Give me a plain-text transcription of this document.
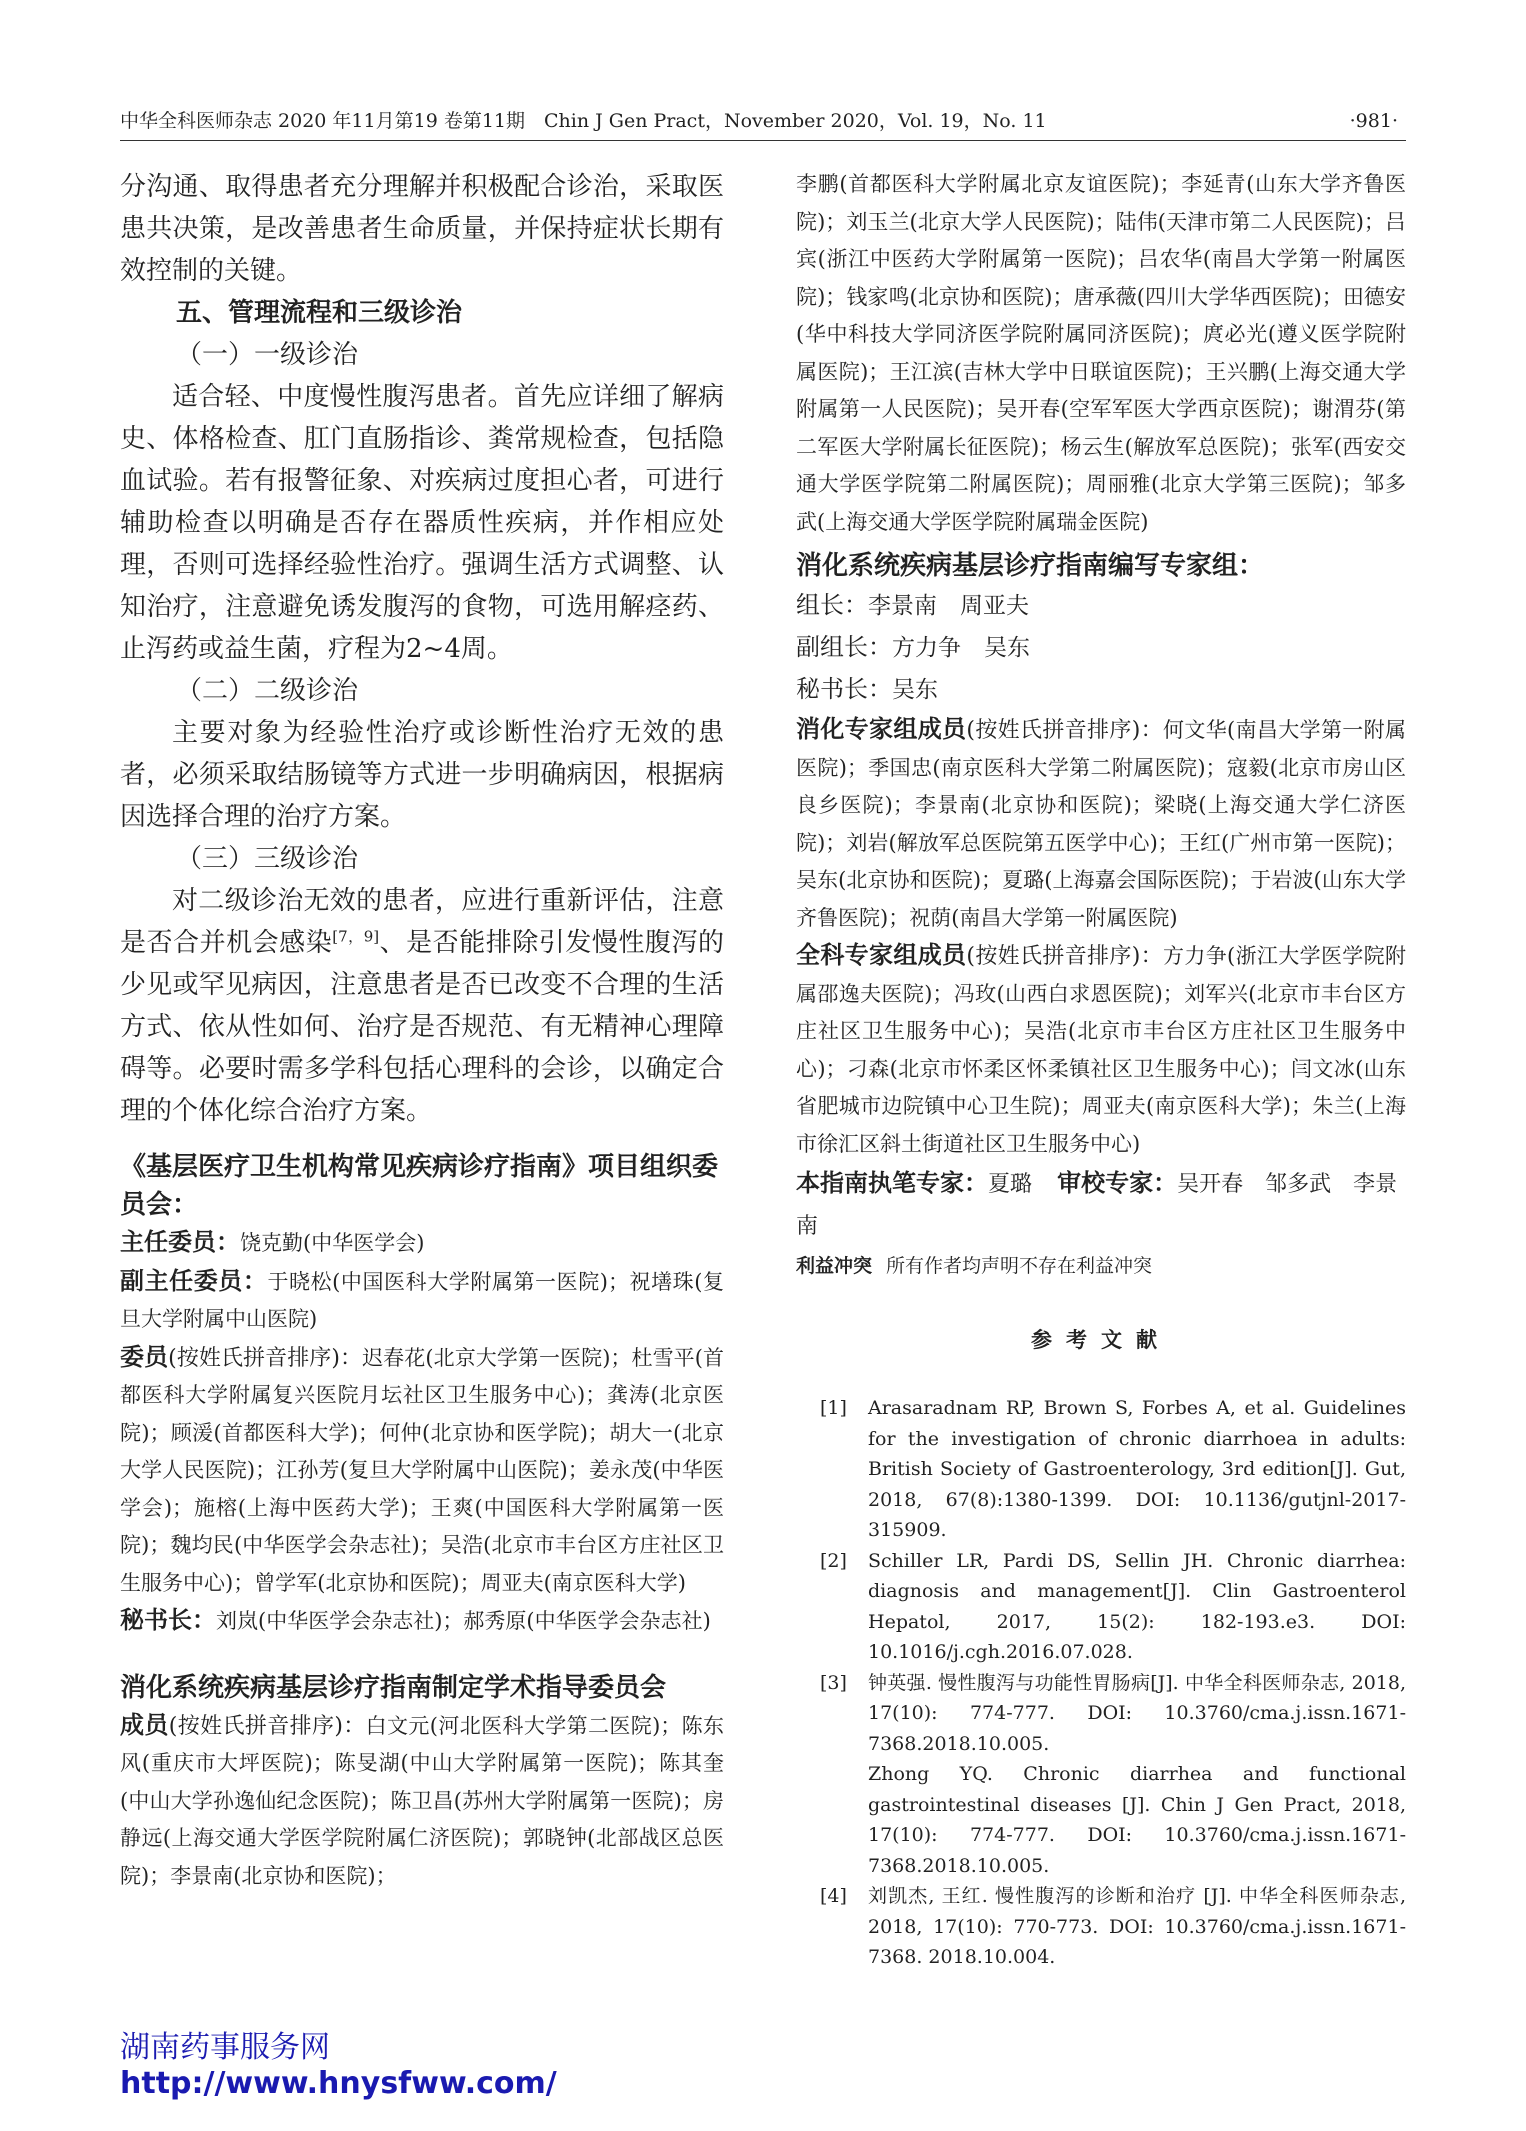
中华全科医师杂志 2020 年11月第19 卷第11期　Chin J Gen Pract，November 2020，Vol. 19，No. 11	·981·

分沟通、取得患者充分理解并积极配合诊治，采取医患共决策，是改善患者生命质量，并保持症状长期有效控制的关键。

五、管理流程和三级诊治

（一）一级诊治

适合轻、中度慢性腹泻患者。首先应详细了解病史、体格检查、肛门直肠指诊、粪常规检查，包括隐血试验。若有报警征象、对疾病过度担心者，可进行辅助检查以明确是否存在器质性疾病，并作相应处理，否则可选择经验性治疗。强调生活方式调整、认知治疗，注意避免诱发腹泻的食物，可选用解痉药、止泻药或益生菌，疗程为2~4周。

（二）二级诊治

主要对象为经验性治疗或诊断性治疗无效的患者，必须采取结肠镜等方式进一步明确病因，根据病因选择合理的治疗方案。

（三）三级诊治

对二级诊治无效的患者，应进行重新评估，注意是否合并机会感染[7，9]、是否能排除引发慢性腹泻的少见或罕见病因，注意患者是否已改变不合理的生活方式、依从性如何、治疗是否规范、有无精神心理障碍等。必要时需多学科包括心理科的会诊，以确定合理的个体化综合治疗方案。

《基层医疗卫生机构常见疾病诊疗指南》项目组织委员会：

主任委员：饶克勤(中华医学会)

副主任委员：于晓松(中国医科大学附属第一医院)；祝墡珠(复旦大学附属中山医院)

委员(按姓氏拼音排序)：迟春花(北京大学第一医院)；杜雪平(首都医科大学附属复兴医院月坛社区卫生服务中心)；龚涛(北京医院)；顾湲(首都医科大学)；何仲(北京协和医学院)；胡大一(北京大学人民医院)；江孙芳(复旦大学附属中山医院)；姜永茂(中华医学会)；施榕(上海中医药大学)；王爽(中国医科大学附属第一医院)；魏均民(中华医学会杂志社)；吴浩(北京市丰台区方庄社区卫生服务中心)；曾学军(北京协和医院)；周亚夫(南京医科大学)

秘书长：刘岚(中华医学会杂志社)；郝秀原(中华医学会杂志社)

消化系统疾病基层诊疗指南制定学术指导委员会

成员(按姓氏拼音排序)：白文元(河北医科大学第二医院)；陈东风(重庆市大坪医院)；陈旻湖(中山大学附属第一医院)；陈其奎(中山大学孙逸仙纪念医院)；陈卫昌(苏州大学附属第一医院)；房静远(上海交通大学医学院附属仁济医院)；郭晓钟(北部战区总医院)；李景南(北京协和医院)；

李鹏(首都医科大学附属北京友谊医院)；李延青(山东大学齐鲁医院)；刘玉兰(北京大学人民医院)；陆伟(天津市第二人民医院)；吕宾(浙江中医药大学附属第一医院)；吕农华(南昌大学第一附属医院)；钱家鸣(北京协和医院)；唐承薇(四川大学华西医院)；田德安(华中科技大学同济医学院附属同济医院)；庹必光(遵义医学院附属医院)；王江滨(吉林大学中日联谊医院)；王兴鹏(上海交通大学附属第一人民医院)；吴开春(空军军医大学西京医院)；谢渭芬(第二军医大学附属长征医院)；杨云生(解放军总医院)；张军(西安交通大学医学院第二附属医院)；周丽雅(北京大学第三医院)；邹多武(上海交通大学医学院附属瑞金医院)

消化系统疾病基层诊疗指南编写专家组：

组长：李景南　周亚夫

副组长：方力争　吴东

秘书长：吴东

消化专家组成员(按姓氏拼音排序)：何文华(南昌大学第一附属医院)；季国忠(南京医科大学第二附属医院)；寇毅(北京市房山区良乡医院)；李景南(北京协和医院)；梁晓(上海交通大学仁济医院)；刘岩(解放军总医院第五医学中心)；王红(广州市第一医院)；吴东(北京协和医院)；夏璐(上海嘉会国际医院)；于岩波(山东大学齐鲁医院)；祝荫(南昌大学第一附属医院)

全科专家组成员(按姓氏拼音排序)：方力争(浙江大学医学院附属邵逸夫医院)；冯玫(山西白求恩医院)；刘军兴(北京市丰台区方庄社区卫生服务中心)；吴浩(北京市丰台区方庄社区卫生服务中心)；刁森(北京市怀柔区怀柔镇社区卫生服务中心)；闫文冰(山东省肥城市边院镇中心卫生院)；周亚夫(南京医科大学)；朱兰(上海市徐汇区斜土街道社区卫生服务中心)

本指南执笔专家：夏璐 审校专家：吴开春　邹多武　李景南

利益冲突 所有作者均声明不存在利益冲突

参考文献

[1] Arasaradnam RP, Brown S, Forbes A, et al. Guidelines for the investigation of chronic diarrhoea in adults: British Society of Gastroenterology, 3rd edition[J]. Gut, 2018, 67(8):1380-1399. DOI: 10.1136/gutjnl-2017-315909.

[2] Schiller LR, Pardi DS, Sellin JH. Chronic diarrhea: diagnosis and management[J]. Clin Gastroenterol Hepatol, 2017, 15(2): 182-193.e3. DOI: 10.1016/j.cgh.2016.07.028.

[3] 钟英强. 慢性腹泻与功能性胃肠病[J]. 中华全科医师杂志, 2018, 17(10): 774-777. DOI: 10.3760/cma.j.issn.1671-7368.2018.10.005.

Zhong YQ. Chronic diarrhea and functional gastrointestinal diseases [J]. Chin J Gen Pract, 2018, 17(10): 774-777. DOI: 10.3760/cma.j.issn.1671-7368.2018.10.005.

[4] 刘凯杰, 王红. 慢性腹泻的诊断和治疗 [J]. 中华全科医师杂志, 2018, 17(10): 770-773. DOI: 10.3760/cma.j.issn.1671-7368. 2018.10.004.

湖南药事服务网
http://www.hnysfww.com/
